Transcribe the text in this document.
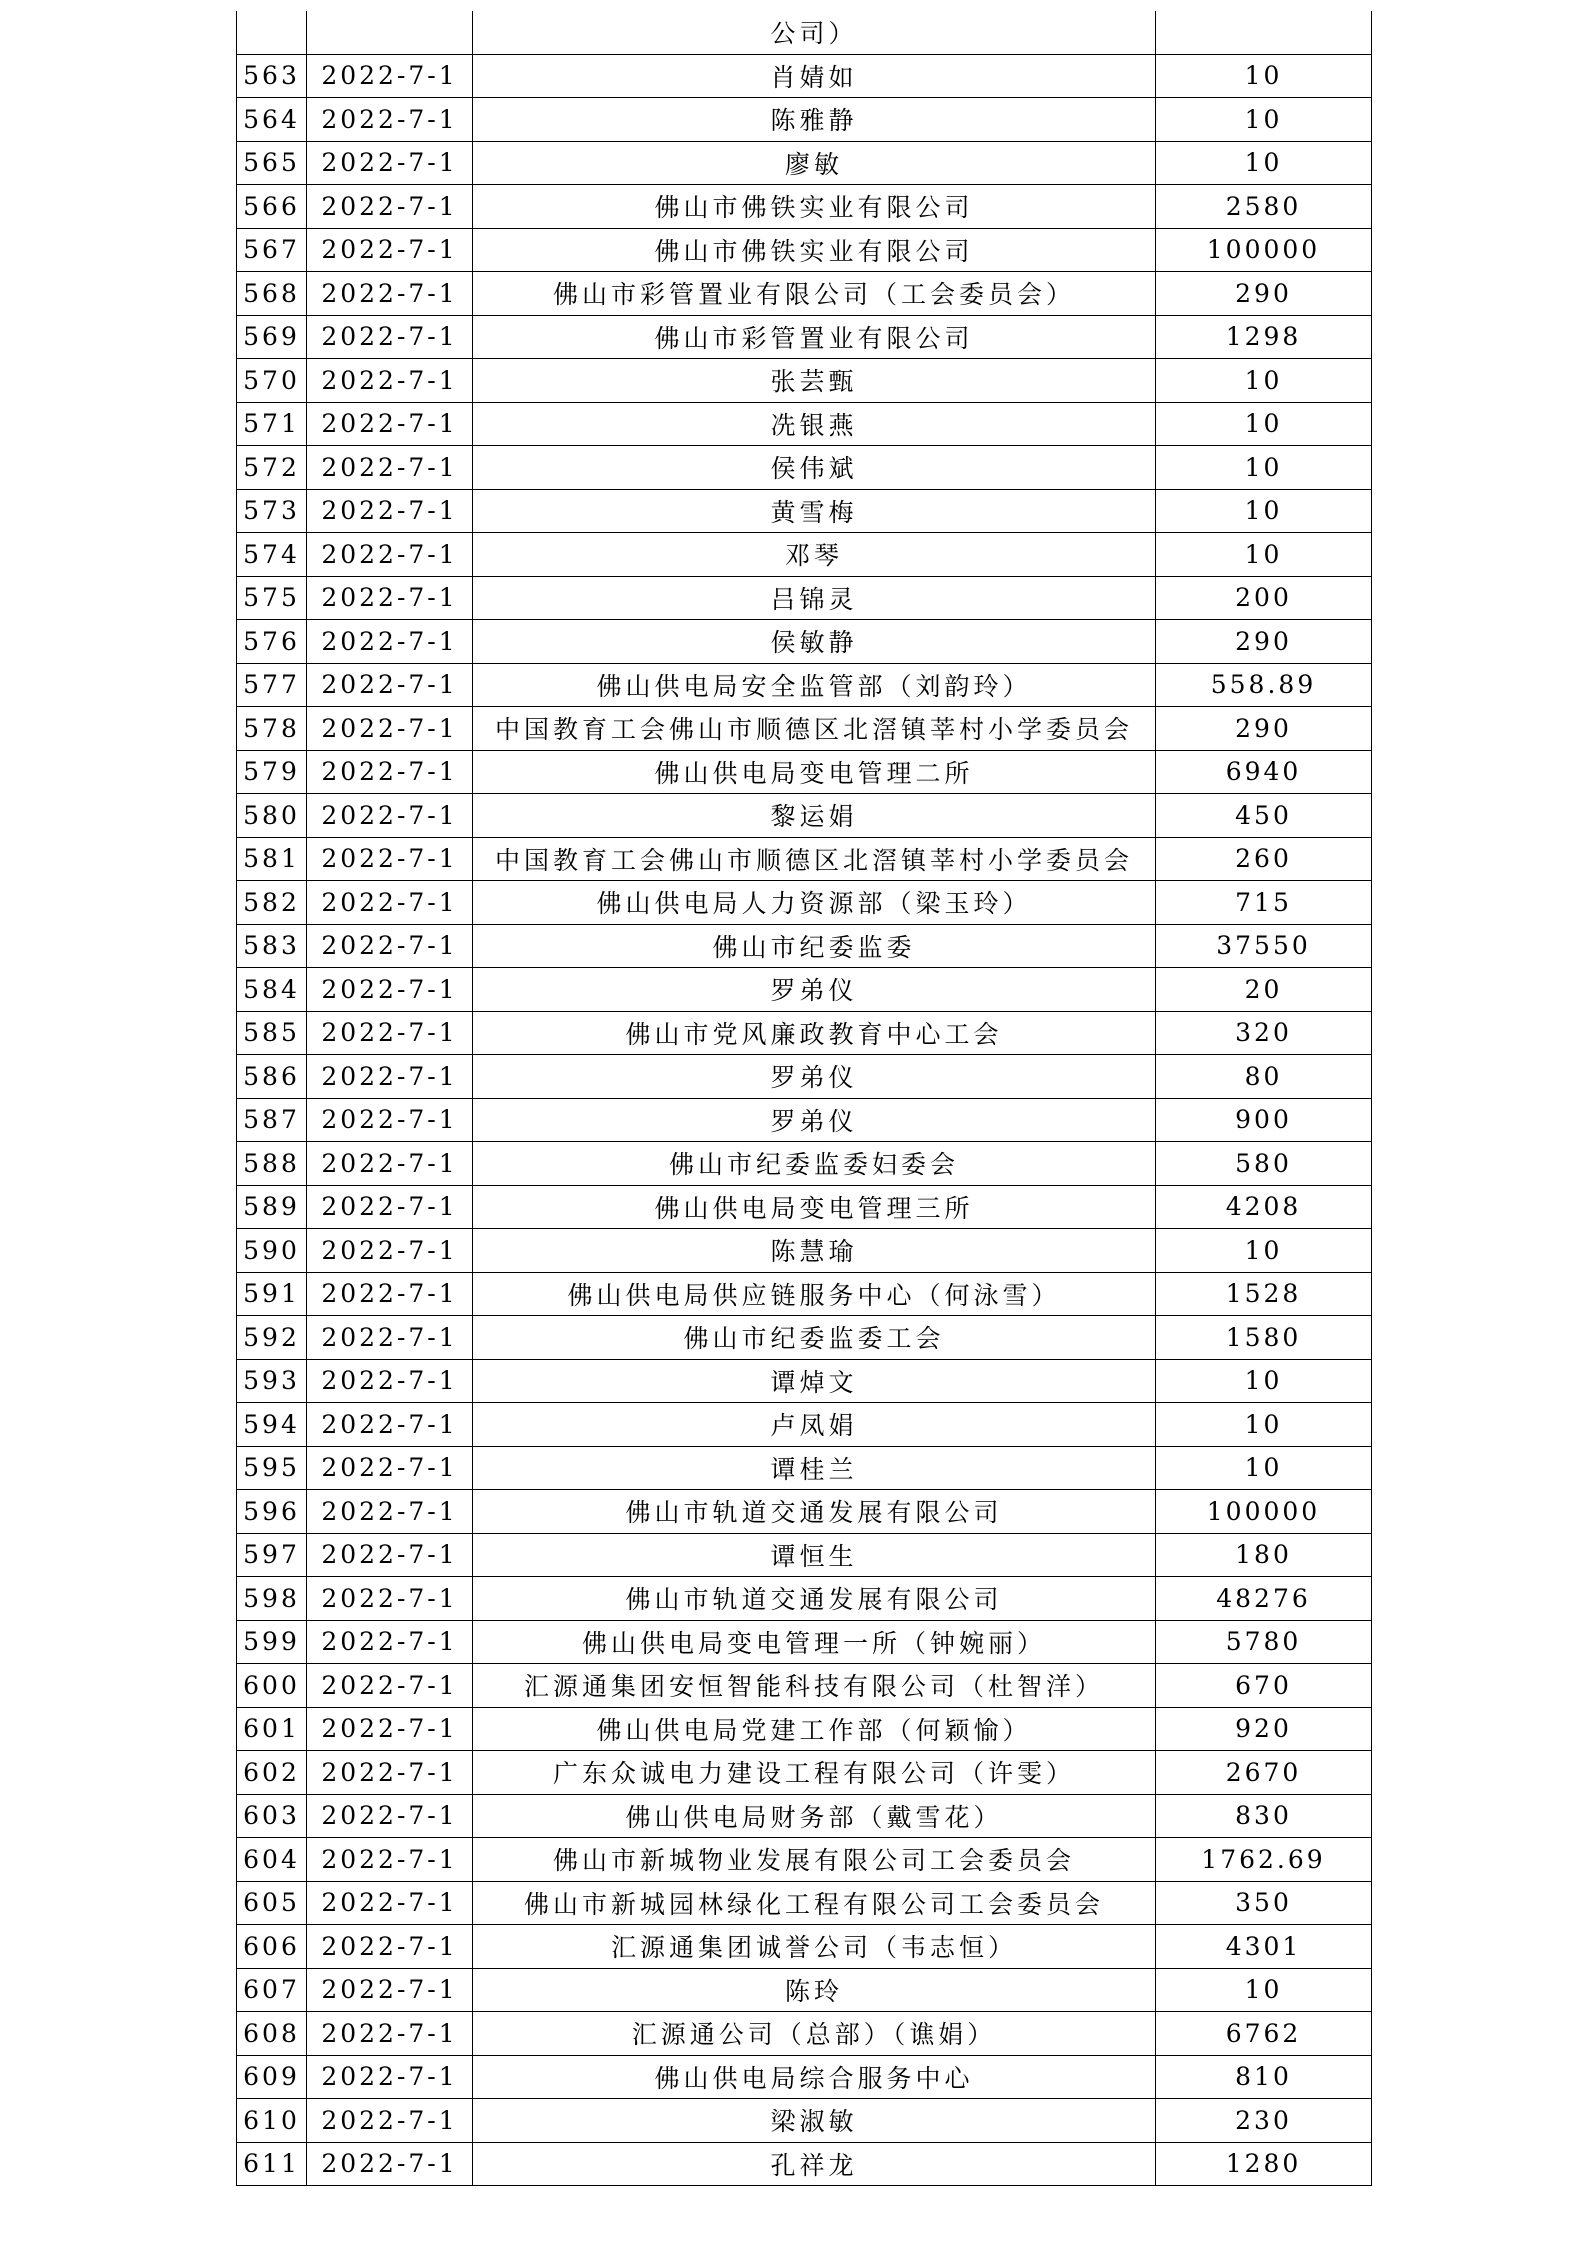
		公司）	
563	2022-7-1	肖婧如	10
564	2022-7-1	陈雅静	10
565	2022-7-1	廖敏	10
566	2022-7-1	佛山市佛铁实业有限公司	2580
567	2022-7-1	佛山市佛铁实业有限公司	100000
568	2022-7-1	佛山市彩管置业有限公司（工会委员会）	290
569	2022-7-1	佛山市彩管置业有限公司	1298
570	2022-7-1	张芸甄	10
571	2022-7-1	冼银燕	10
572	2022-7-1	侯伟斌	10
573	2022-7-1	黄雪梅	10
574	2022-7-1	邓琴	10
575	2022-7-1	吕锦灵	200
576	2022-7-1	侯敏静	290
577	2022-7-1	佛山供电局安全监管部（刘韵玲）	558.89
578	2022-7-1	中国教育工会佛山市顺德区北滘镇莘村小学委员会	290
579	2022-7-1	佛山供电局变电管理二所	6940
580	2022-7-1	黎运娟	450
581	2022-7-1	中国教育工会佛山市顺德区北滘镇莘村小学委员会	260
582	2022-7-1	佛山供电局人力资源部（梁玉玲）	715
583	2022-7-1	佛山市纪委监委	37550
584	2022-7-1	罗弟仪	20
585	2022-7-1	佛山市党风廉政教育中心工会	320
586	2022-7-1	罗弟仪	80
587	2022-7-1	罗弟仪	900
588	2022-7-1	佛山市纪委监委妇委会	580
589	2022-7-1	佛山供电局变电管理三所	4208
590	2022-7-1	陈慧瑜	10
591	2022-7-1	佛山供电局供应链服务中心（何泳雪）	1528
592	2022-7-1	佛山市纪委监委工会	1580
593	2022-7-1	谭焯文	10
594	2022-7-1	卢凤娟	10
595	2022-7-1	谭桂兰	10
596	2022-7-1	佛山市轨道交通发展有限公司	100000
597	2022-7-1	谭恒生	180
598	2022-7-1	佛山市轨道交通发展有限公司	48276
599	2022-7-1	佛山供电局变电管理一所（钟婉丽）	5780
600	2022-7-1	汇源通集团安恒智能科技有限公司（杜智洋）	670
601	2022-7-1	佛山供电局党建工作部（何颖愉）	920
602	2022-7-1	广东众诚电力建设工程有限公司（许雯）	2670
603	2022-7-1	佛山供电局财务部（戴雪花）	830
604	2022-7-1	佛山市新城物业发展有限公司工会委员会	1762.69
605	2022-7-1	佛山市新城园林绿化工程有限公司工会委员会	350
606	2022-7-1	汇源通集团诚誉公司（韦志恒）	4301
607	2022-7-1	陈玲	10
608	2022-7-1	汇源通公司（总部）（谯娟）	6762
609	2022-7-1	佛山供电局综合服务中心	810
610	2022-7-1	梁淑敏	230
611	2022-7-1	孔祥龙	1280
